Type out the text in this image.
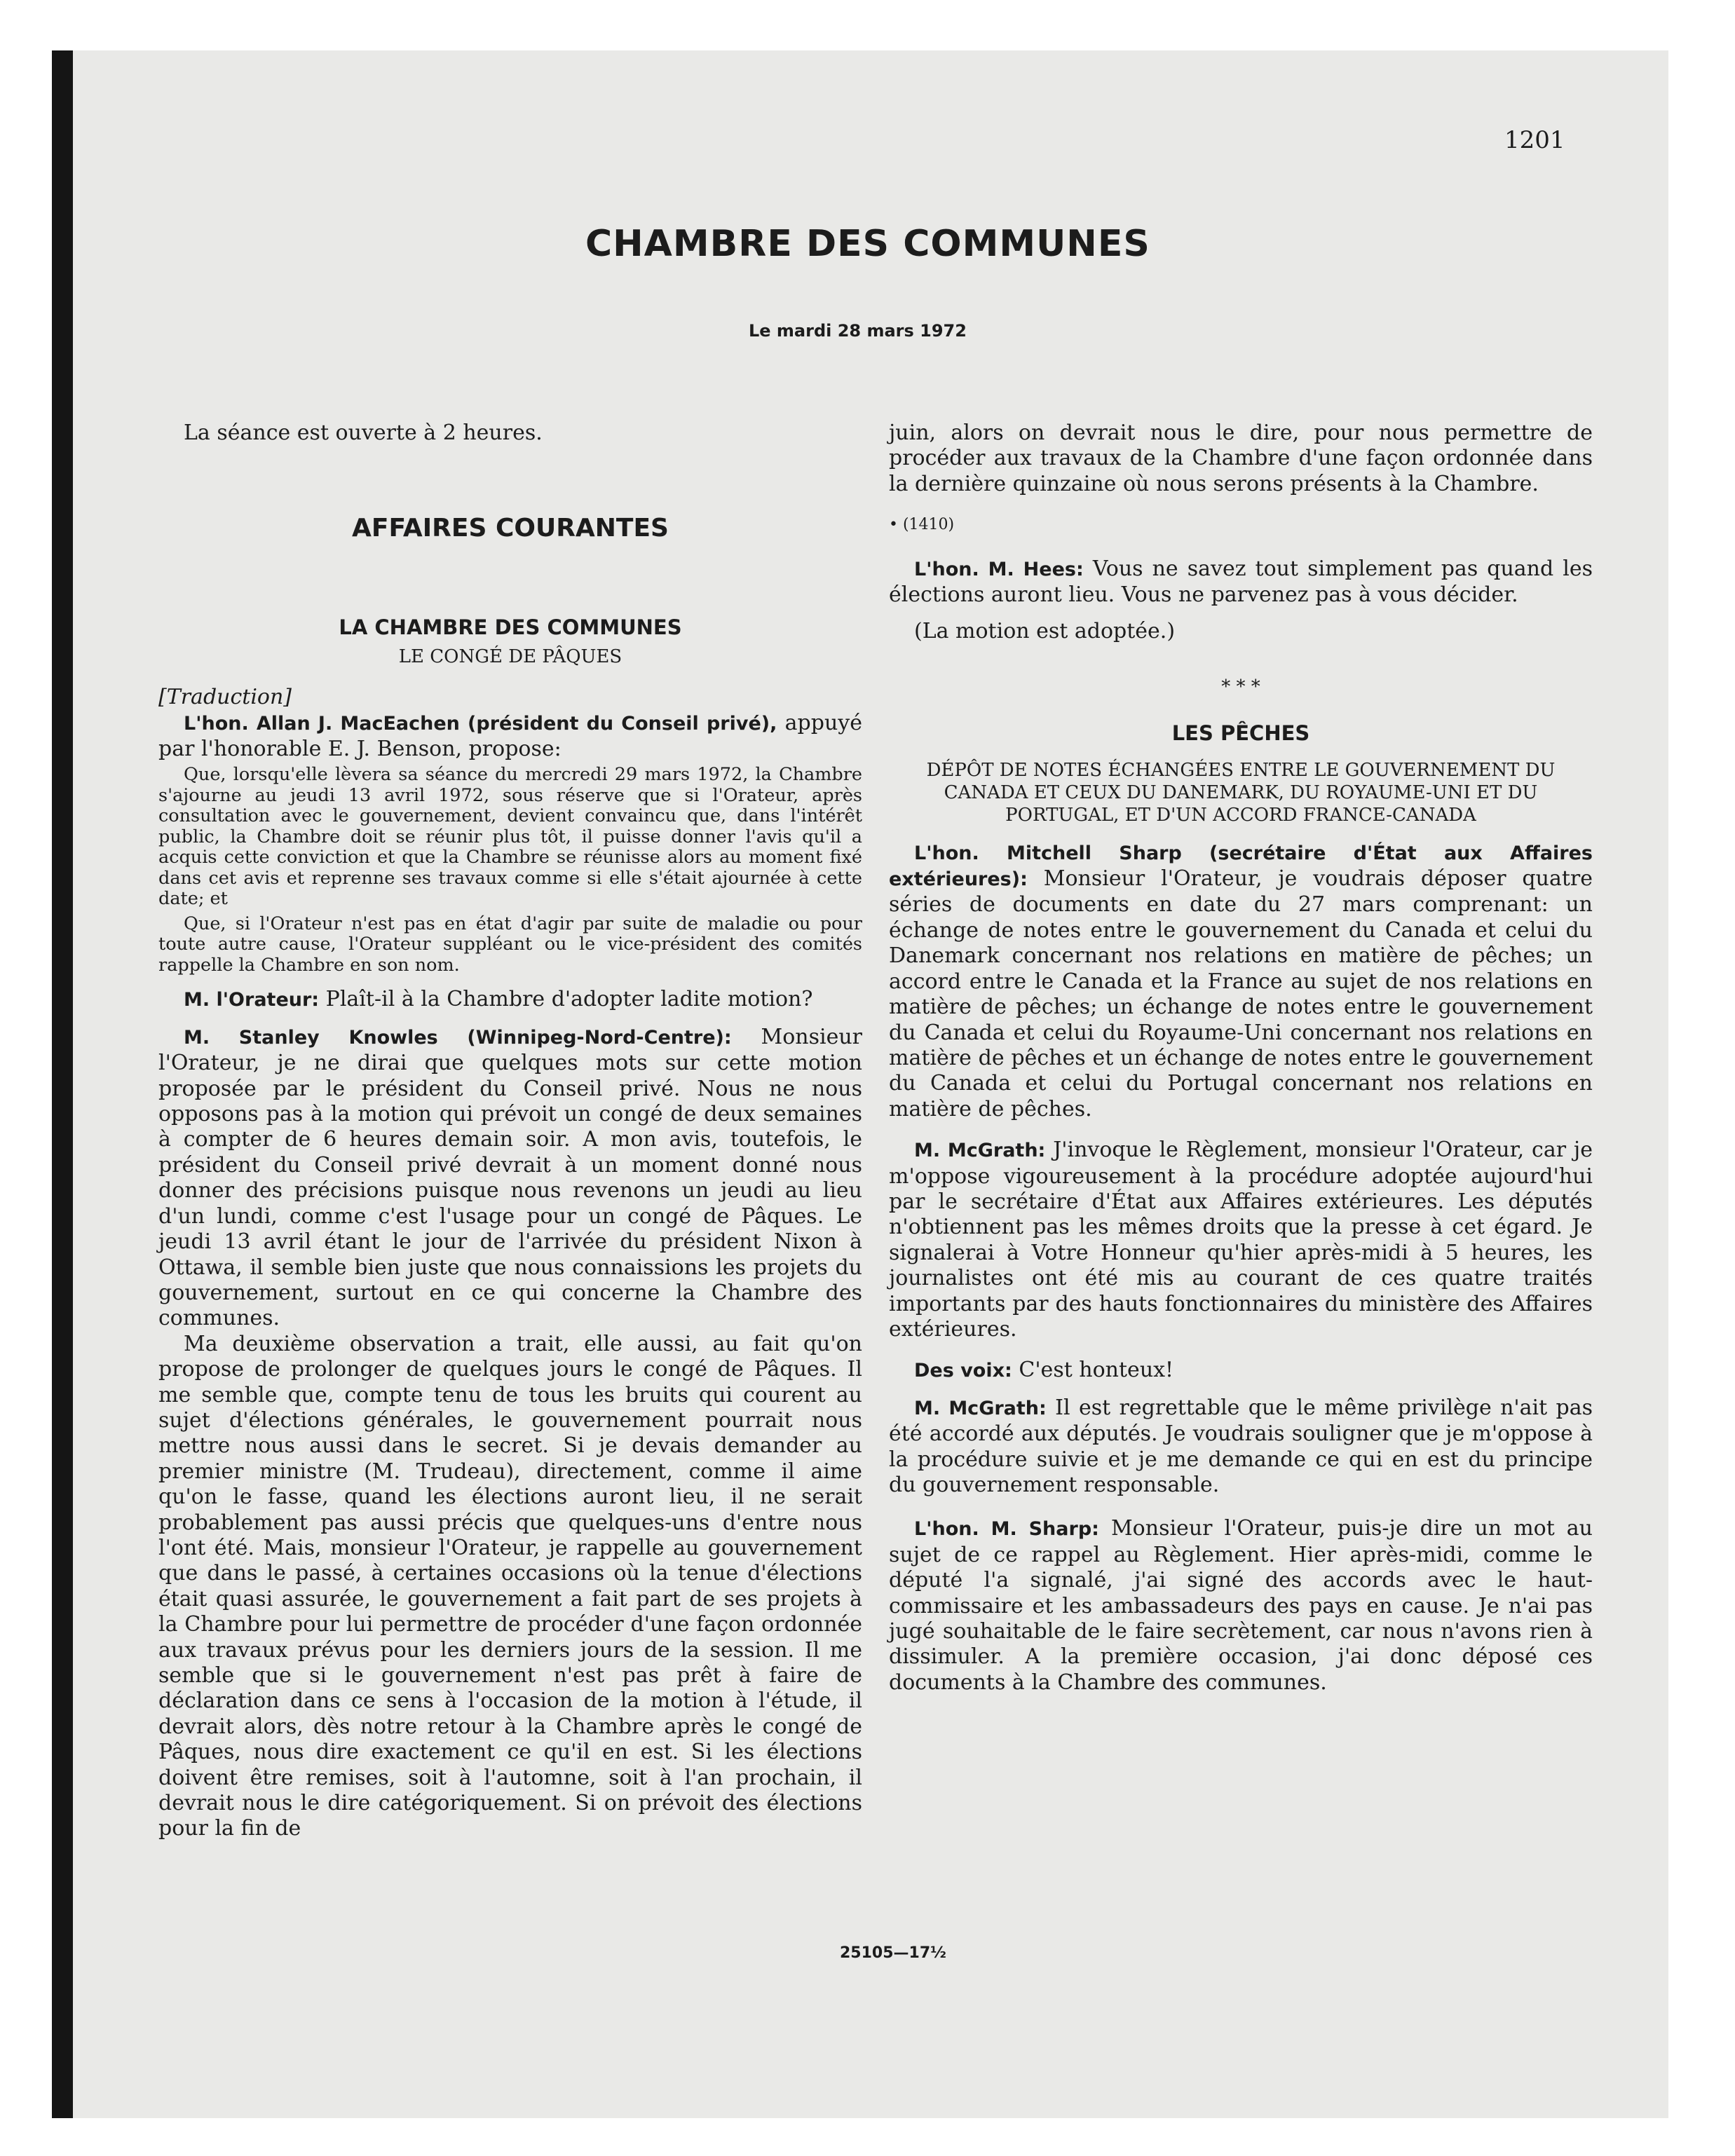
1201
CHAMBRE DES COMMUNES
Le mardi 28 mars 1972

La séance est ouverte à 2 heures.

AFFAIRES COURANTES
LA CHAMBRE DES COMMUNES
LE CONGÉ DE PÂQUES

[Traduction]

L'hon. Allan J. MacEachen (président du Conseil privé), appuyé par l'honorable E. J. Benson, propose:

Que, lorsqu'elle lèvera sa séance du mercredi 29 mars 1972, la Chambre s'ajourne au jeudi 13 avril 1972, sous réserve que si l'Orateur, après consultation avec le gouvernement, devient convaincu que, dans l'intérêt public, la Chambre doit se réunir plus tôt, il puisse donner l'avis qu'il a acquis cette conviction et que la Chambre se réunisse alors au moment fixé dans cet avis et reprenne ses travaux comme si elle s'était ajournée à cette date; et

Que, si l'Orateur n'est pas en état d'agir par suite de maladie ou pour toute autre cause, l'Orateur suppléant ou le vice-président des comités rappelle la Chambre en son nom.

M. l'Orateur: Plaît-il à la Chambre d'adopter ladite motion?

M. Stanley Knowles (Winnipeg-Nord-Centre): Monsieur l'Orateur, je ne dirai que quelques mots sur cette motion proposée par le président du Conseil privé. Nous ne nous opposons pas à la motion qui prévoit un congé de deux semaines à compter de 6 heures demain soir. A mon avis, toutefois, le président du Conseil privé devrait à un moment donné nous donner des précisions puisque nous revenons un jeudi au lieu d'un lundi, comme c'est l'usage pour un congé de Pâques. Le jeudi 13 avril étant le jour de l'arrivée du président Nixon à Ottawa, il semble bien juste que nous connaissions les projets du gouvernement, surtout en ce qui concerne la Chambre des communes.

Ma deuxième observation a trait, elle aussi, au fait qu'on propose de prolonger de quelques jours le congé de Pâques. Il me semble que, compte tenu de tous les bruits qui courent au sujet d'élections générales, le gouvernement pourrait nous mettre nous aussi dans le secret. Si je devais demander au premier ministre (M. Trudeau), directement, comme il aime qu'on le fasse, quand les élections auront lieu, il ne serait probablement pas aussi précis que quelques-uns d'entre nous l'ont été. Mais, monsieur l'Orateur, je rappelle au gouvernement que dans le passé, à certaines occasions où la tenue d'élections était quasi assurée, le gouvernement a fait part de ses projets à la Chambre pour lui permettre de procéder d'une façon ordonnée aux travaux prévus pour les derniers jours de la session. Il me semble que si le gouvernement n'est pas prêt à faire de déclaration dans ce sens à l'occasion de la motion à l'étude, il devrait alors, dès notre retour à la Chambre après le congé de Pâques, nous dire exactement ce qu'il en est. Si les élections doivent être remises, soit à l'automne, soit à l'an prochain, il devrait nous le dire catégoriquement. Si on prévoit des élections pour la fin de

juin, alors on devrait nous le dire, pour nous permettre de procéder aux travaux de la Chambre d'une façon ordonnée dans la dernière quinzaine où nous serons présents à la Chambre.

• (1410)

L'hon. M. Hees: Vous ne savez tout simplement pas quand les élections auront lieu. Vous ne parvenez pas à vous décider.

(La motion est adoptée.)

* * *
LES PÊCHES
DÉPÔT DE NOTES ÉCHANGÉES ENTRE LE GOUVERNEMENT DU CANADA ET CEUX DU DANEMARK, DU ROYAUME-UNI ET DU PORTUGAL, ET D'UN ACCORD FRANCE-CANADA

L'hon. Mitchell Sharp (secrétaire d'État aux Affaires extérieures): Monsieur l'Orateur, je voudrais déposer quatre séries de documents en date du 27 mars comprenant: un échange de notes entre le gouvernement du Canada et celui du Danemark concernant nos relations en matière de pêches; un accord entre le Canada et la France au sujet de nos relations en matière de pêches; un échange de notes entre le gouvernement du Canada et celui du Royaume-Uni concernant nos relations en matière de pêches et un échange de notes entre le gouvernement du Canada et celui du Portugal concernant nos relations en matière de pêches.

M. McGrath: J'invoque le Règlement, monsieur l'Orateur, car je m'oppose vigoureusement à la procédure adoptée aujourd'hui par le secrétaire d'État aux Affaires extérieures. Les députés n'obtiennent pas les mêmes droits que la presse à cet égard. Je signalerai à Votre Honneur qu'hier après-midi à 5 heures, les journalistes ont été mis au courant de ces quatre traités importants par des hauts fonctionnaires du ministère des Affaires extérieures.

Des voix: C'est honteux!

M. McGrath: Il est regrettable que le même privilège n'ait pas été accordé aux députés. Je voudrais souligner que je m'oppose à la procédure suivie et je me demande ce qui en est du principe du gouvernement responsable.

L'hon. M. Sharp: Monsieur l'Orateur, puis-je dire un mot au sujet de ce rappel au Règlement. Hier après-midi, comme le député l'a signalé, j'ai signé des accords avec le haut-commissaire et les ambassadeurs des pays en cause. Je n'ai pas jugé souhaitable de le faire secrètement, car nous n'avons rien à dissimuler. A la première occasion, j'ai donc déposé ces documents à la Chambre des communes.

25105—17½
